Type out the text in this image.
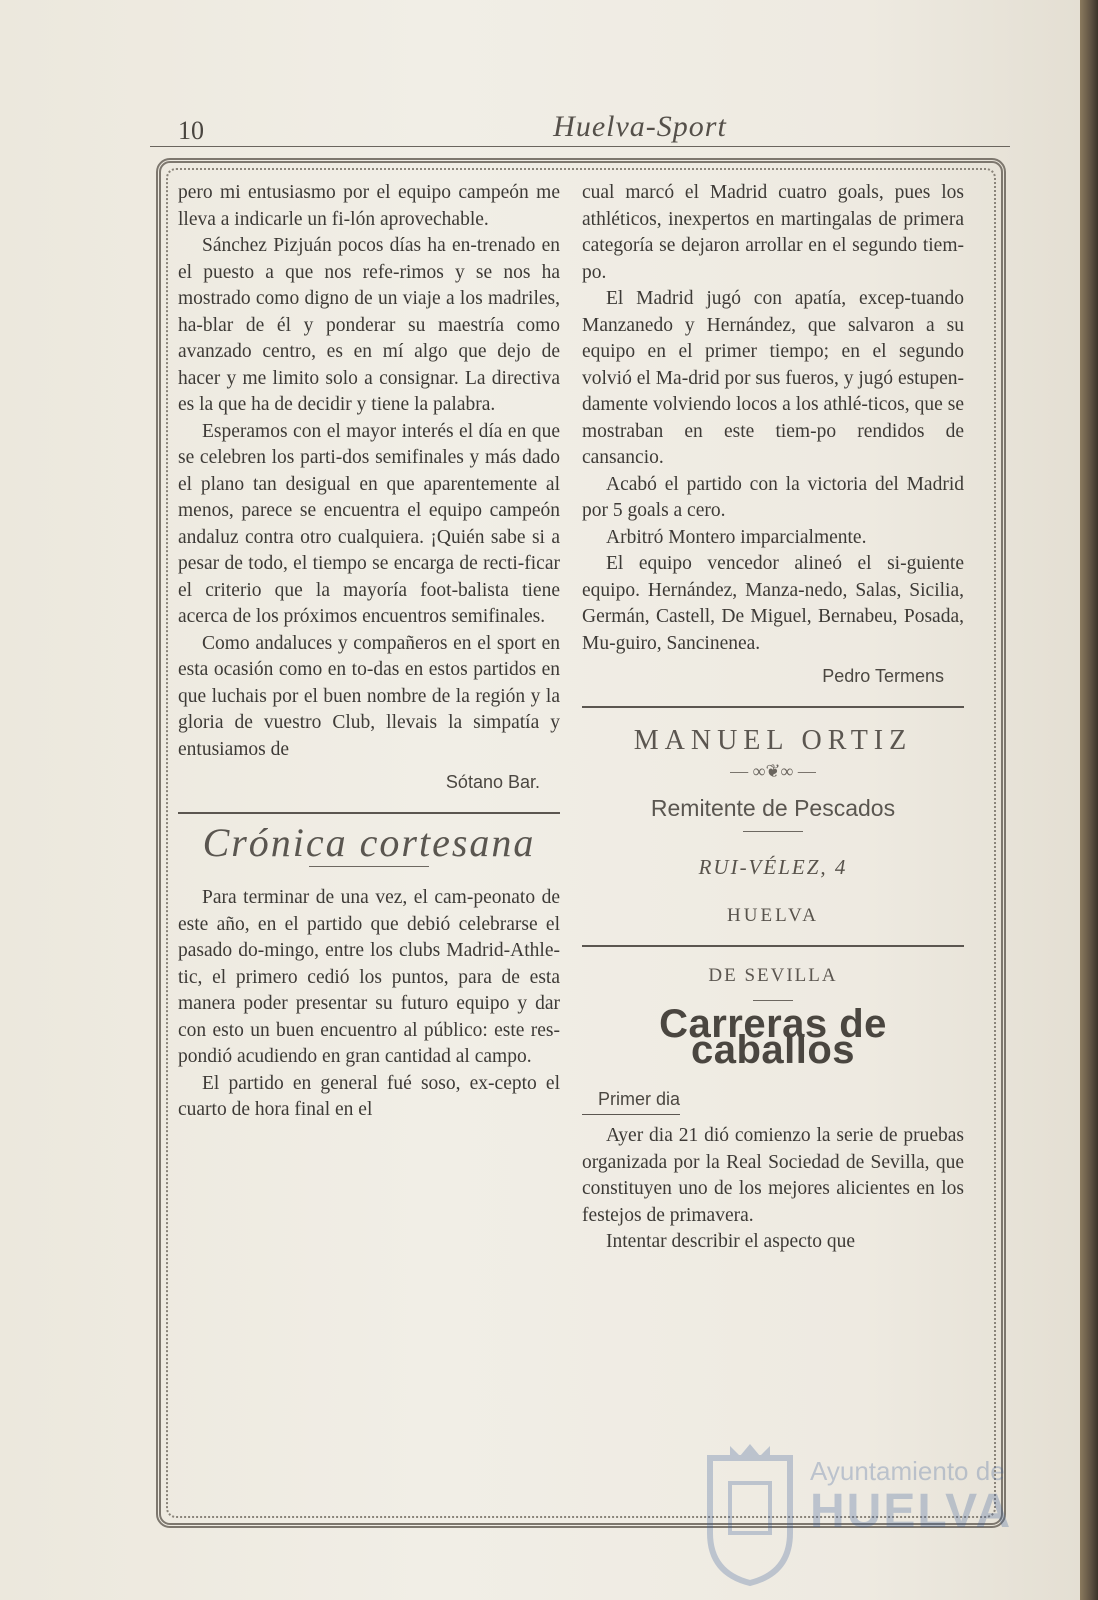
10	Huelva-Sport

pero mi entusiasmo por el equipo campeón me lleva a indicarle un fi-lón aprovechable.

Sánchez Pizjuán pocos días ha en-trenado en el puesto a que nos refe-rimos y se nos ha mostrado como digno de un viaje a los madriles, ha-blar de él y ponderar su maestría como avanzado centro, es en mí algo que dejo de hacer y me limito solo a consignar. La directiva es la que ha de decidir y tiene la palabra.

Esperamos con el mayor interés el día en que se celebren los parti-dos semifinales y más dado el plano tan desigual en que aparentemente al menos, parece se encuentra el equipo campeón andaluz contra otro cualquiera. ¡Quién sabe si a pesar de todo, el tiempo se encarga de recti-ficar el criterio que la mayoría foot-balista tiene acerca de los próximos encuentros semifinales.

Como andaluces y compañeros en el sport en esta ocasión como en to-das en estos partidos en que luchais por el buen nombre de la región y la gloria de vuestro Club, llevais la simpatía y entusiamos de

Sótano Bar.
Crónica cortesana

Para terminar de una vez, el cam-peonato de este año, en el partido que debió celebrarse el pasado do-mingo, entre los clubs Madrid-Athle-tic, el primero cedió los puntos, para de esta manera poder presentar su futuro equipo y dar con esto un buen encuentro al público: este res-pondió acudiendo en gran cantidad al campo.

El partido en general fué soso, ex-cepto el cuarto de hora final en el

cual marcó el Madrid cuatro goals, pues los athléticos, inexpertos en martingalas de primera categoría se dejaron arrollar en el segundo tiem-po.

El Madrid jugó con apatía, excep-tuando Manzanedo y Hernández, que salvaron a su equipo en el primer tiempo; en el segundo volvió el Ma-drid por sus fueros, y jugó estupen-damente volviendo locos a los athlé-ticos, que se mostraban en este tiem-po rendidos de cansancio.

Acabó el partido con la victoria del Madrid por 5 goals a cero.

Arbitró Montero imparcialmente.

El equipo vencedor alineó el si-guiente equipo. Hernández, Manza-nedo, Salas, Sicilia, Germán, Castell, De Miguel, Bernabeu, Posada, Mu-guiro, Sancinenea.

Pedro Termens
MANUEL ORTIZ
— ∞❦∞ —
Remitente de Pescados
RUI-VÉLEZ, 4
HUELVA
DE SEVILLA
Carreras de caballos
Primer dia

Ayer dia 21 dió comienzo la serie de pruebas organizada por la Real Sociedad de Sevilla, que constituyen uno de los mejores alicientes en los festejos de primavera.

Intentar describir el aspecto que

Ayuntamiento de
HUELVA
